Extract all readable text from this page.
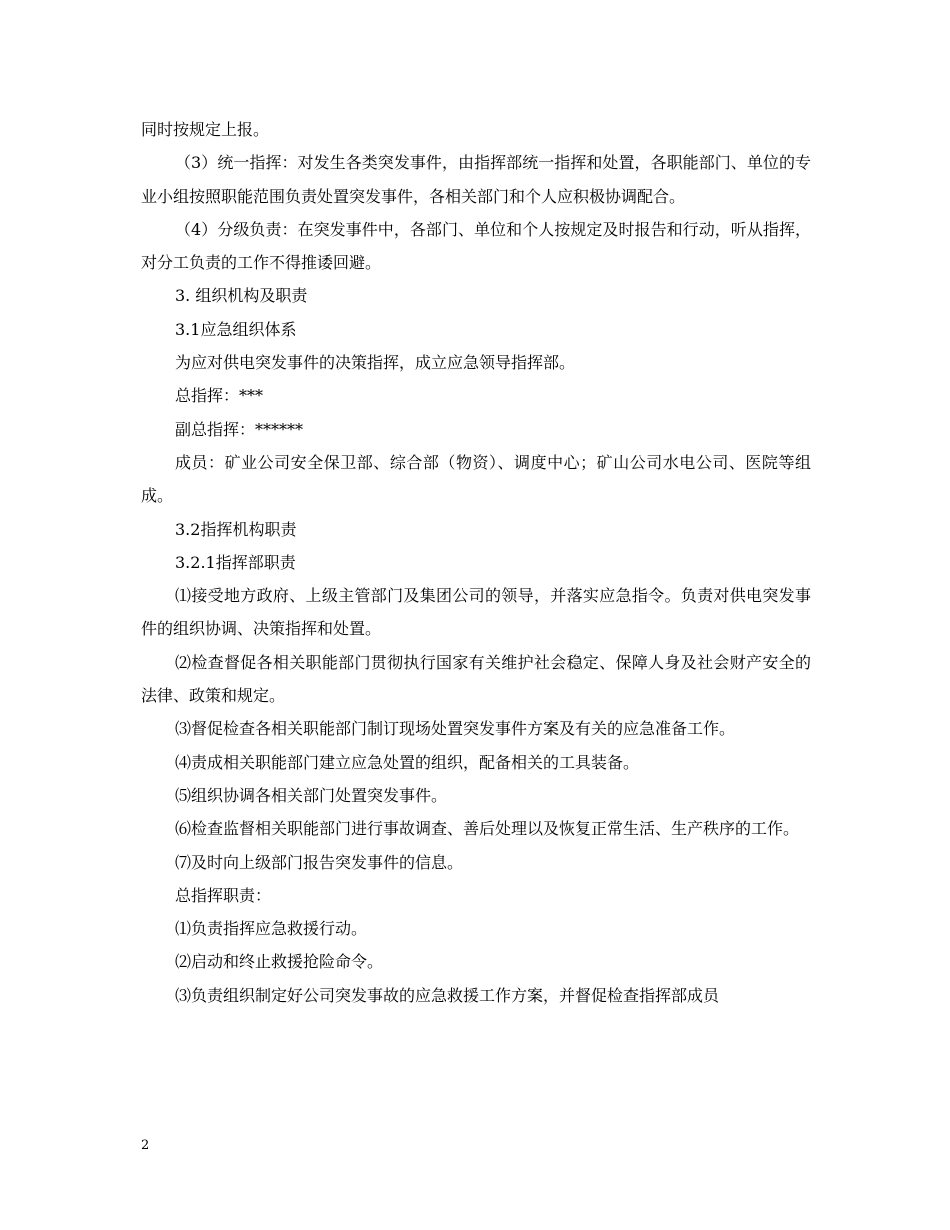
同时按规定上报。

（3）统一指挥：对发生各类突发事件，由指挥部统一指挥和处置，各职能部门、单位的专业小组按照职能范围负责处置突发事件，各相关部门和个人应积极协调配合。

（4）分级负责：在突发事件中，各部门、单位和个人按规定及时报告和行动，听从指挥，对分工负责的工作不得推诿回避。

3. 组织机构及职责

3.1应急组织体系

为应对供电突发事件的决策指挥，成立应急领导指挥部。

总指挥：***

副总指挥：******

成员：矿业公司安全保卫部、综合部（物资）、调度中心；矿山公司水电公司、医院等组成。

3.2指挥机构职责

3.2.1指挥部职责

⑴接受地方政府、上级主管部门及集团公司的领导，并落实应急指令。负责对供电突发事件的组织协调、决策指挥和处置。

⑵检查督促各相关职能部门贯彻执行国家有关维护社会稳定、保障人身及社会财产安全的法律、政策和规定。

⑶督促检查各相关职能部门制订现场处置突发事件方案及有关的应急准备工作。

⑷责成相关职能部门建立应急处置的组织，配备相关的工具装备。

⑸组织协调各相关部门处置突发事件。

⑹检查监督相关职能部门进行事故调查、善后处理以及恢复正常生活、生产秩序的工作。

⑺及时向上级部门报告突发事件的信息。

总指挥职责：

⑴负责指挥应急救援行动。

⑵启动和终止救援抢险命令。

⑶负责组织制定好公司突发事故的应急救援工作方案，并督促检查指挥部成员

2
